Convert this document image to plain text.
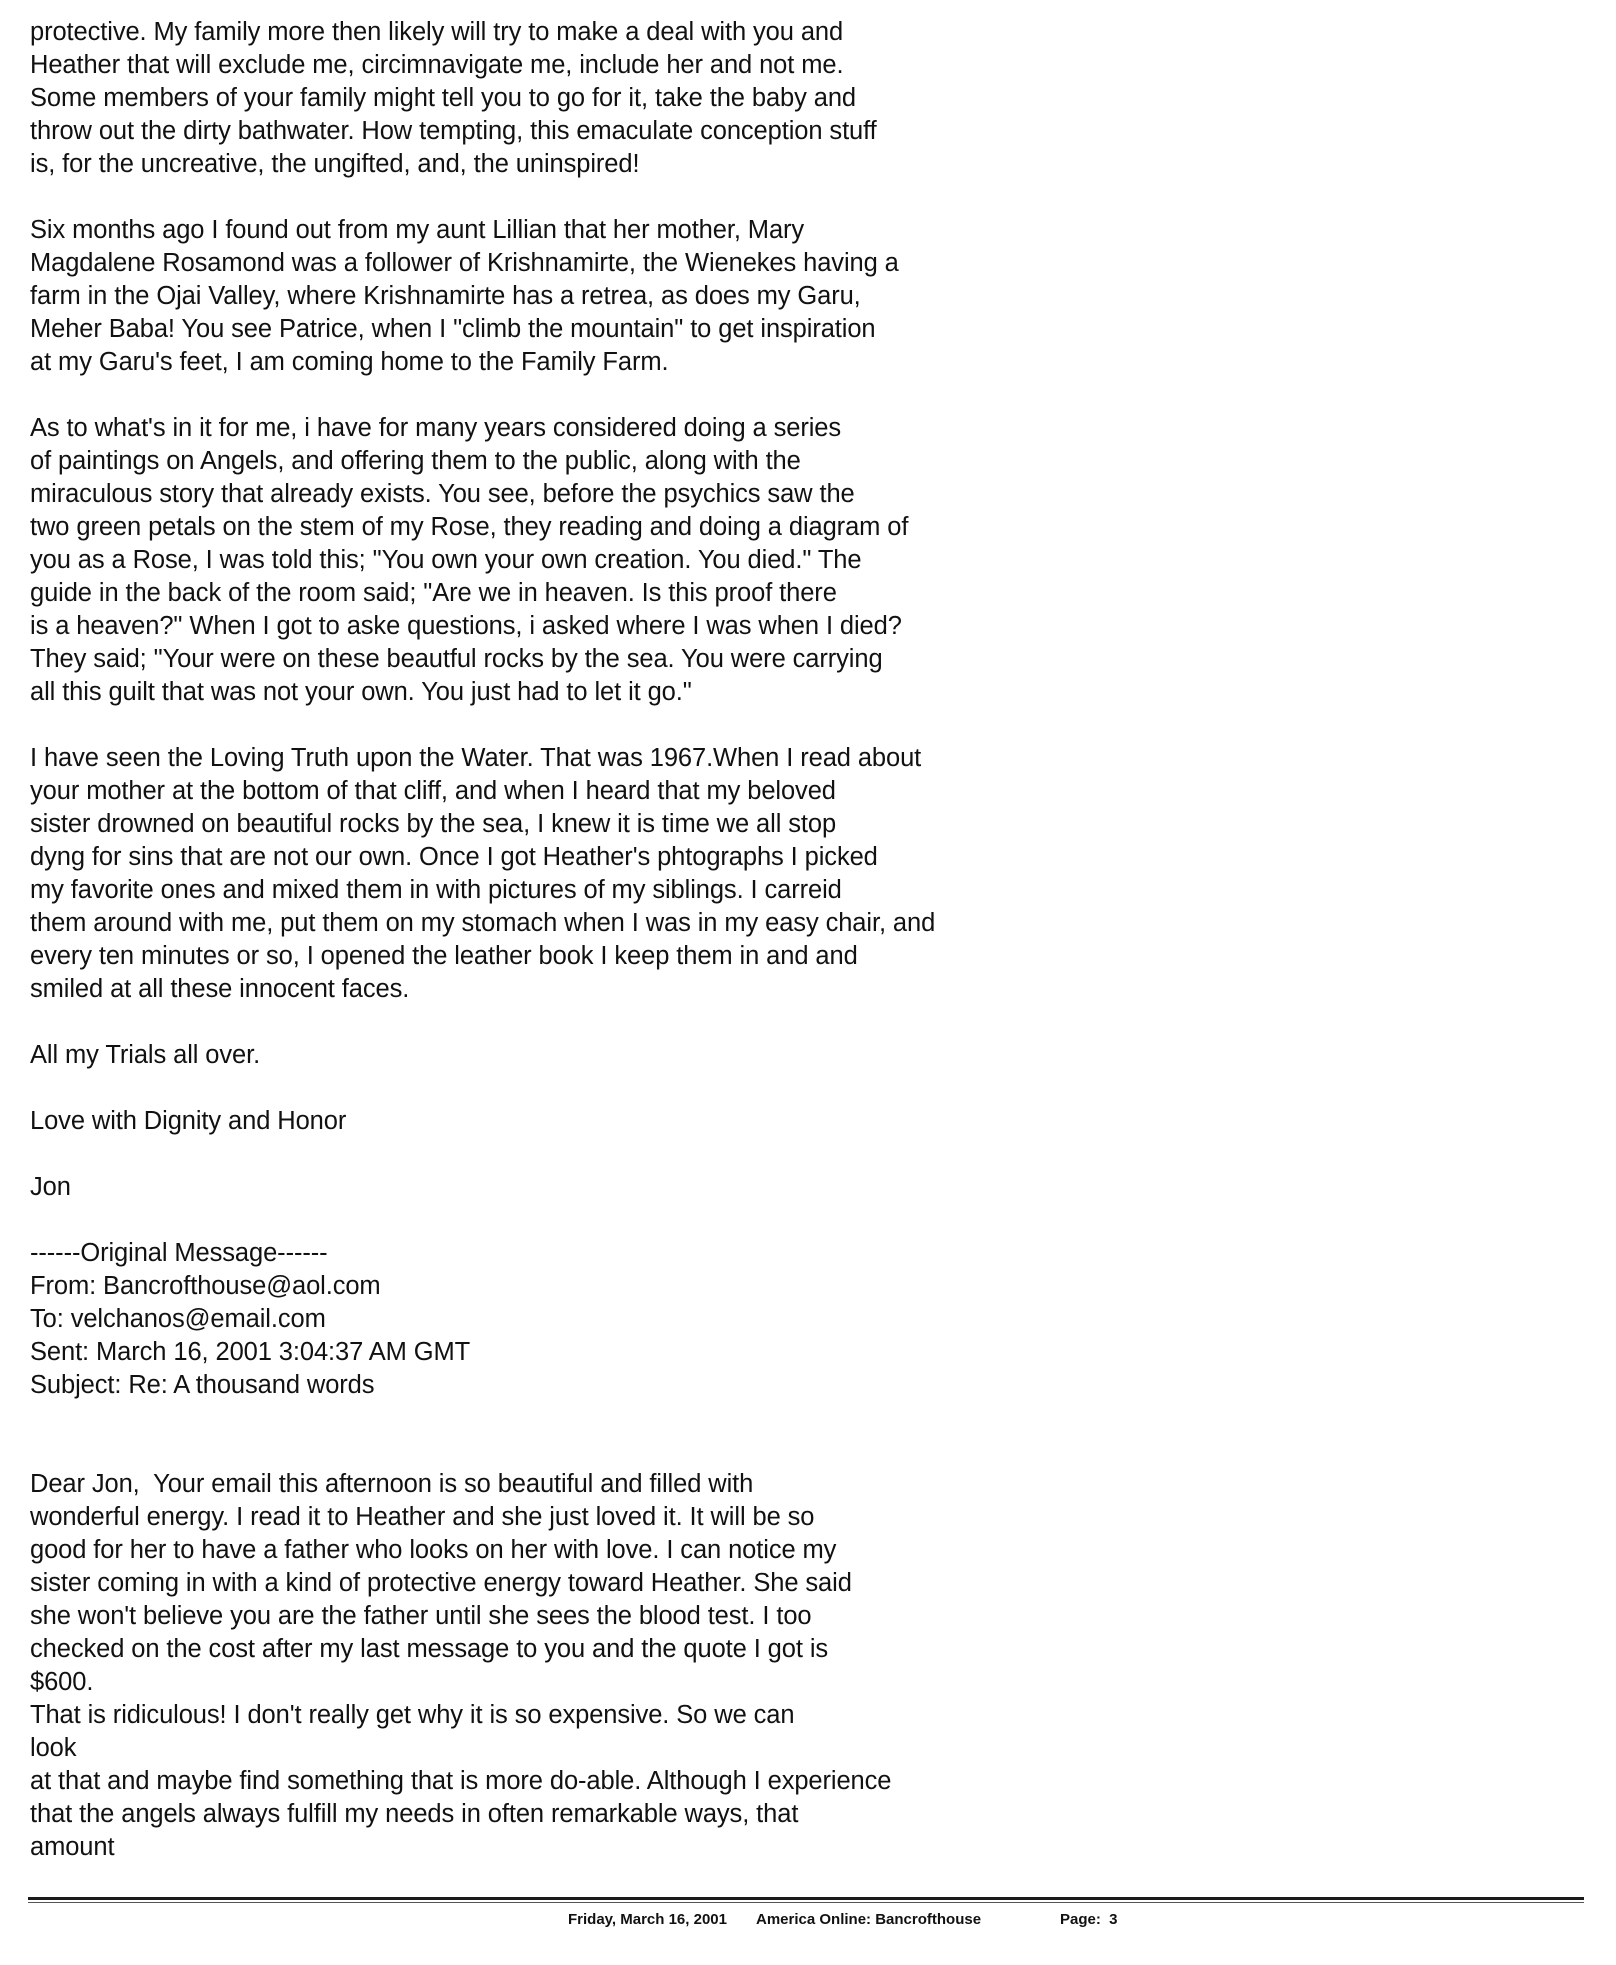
protective. My family more then likely will try to make a deal with you and
Heather that will exclude me, circimnavigate me, include her and not me.
Some members of your family might tell you to go for it, take the baby and
throw out the dirty bathwater. How tempting, this emaculate conception stuff
is, for the uncreative, the ungifted, and, the uninspired!
Six months ago I found out from my aunt Lillian that her mother, Mary
Magdalene Rosamond was a follower of Krishnamirte, the Wienekes having a
farm in the Ojai Valley, where Krishnamirte has a retrea, as does my Garu,
Meher Baba! You see Patrice, when I "climb the mountain" to get inspiration
at my Garu's feet, I am coming home to the Family Farm.
As to what's in it for me, i have for many years considered doing a series
of paintings on Angels, and offering them to the public, along with the
miraculous story that already exists. You see, before the psychics saw the
two green petals on the stem of my Rose, they reading and doing a diagram of
you as a Rose, I was told this; "You own your own creation. You died." The
guide in the back of the room said; "Are we in heaven. Is this proof there
is a heaven?" When I got to aske questions, i asked where I was when I died?
They said; "Your were on these beautful rocks by the sea. You were carrying
all this guilt that was not your own. You just had to let it go."
I have seen the Loving Truth upon the Water. That was 1967.When I read about
your mother at the bottom of that cliff, and when I heard that my beloved
sister drowned on beautiful rocks by the sea, I knew it is time we all stop
dyng for sins that are not our own. Once I got Heather's phtographs I picked
my favorite ones and mixed them in with pictures of my siblings. I carreid
them around with me, put them on my stomach when I was in my easy chair, and
every ten minutes or so, I opened the leather book I keep them in and and
smiled at all these innocent faces.
All my Trials all over.
Love with Dignity and Honor
Jon
------Original Message------
From: Bancrofthouse@aol.com
To: velchanos@email.com
Sent: March 16, 2001 3:04:37 AM GMT
Subject: Re: A thousand words
Dear Jon,  Your email this afternoon is so beautiful and filled with
wonderful energy. I read it to Heather and she just loved it. It will be so
good for her to have a father who looks on her with love. I can notice my
sister coming in with a kind of protective energy toward Heather. She said
she won't believe you are the father until she sees the blood test. I too
checked on the cost after my last message to you and the quote I got is
$600.
That is ridiculous! I don't really get why it is so expensive. So we can
look
at that and maybe find something that is more do-able. Although I experience
that the angels always fulfill my needs in often remarkable ways, that
amount
Friday, March 16, 2001 America Online: Bancrofthouse	Page:  3
